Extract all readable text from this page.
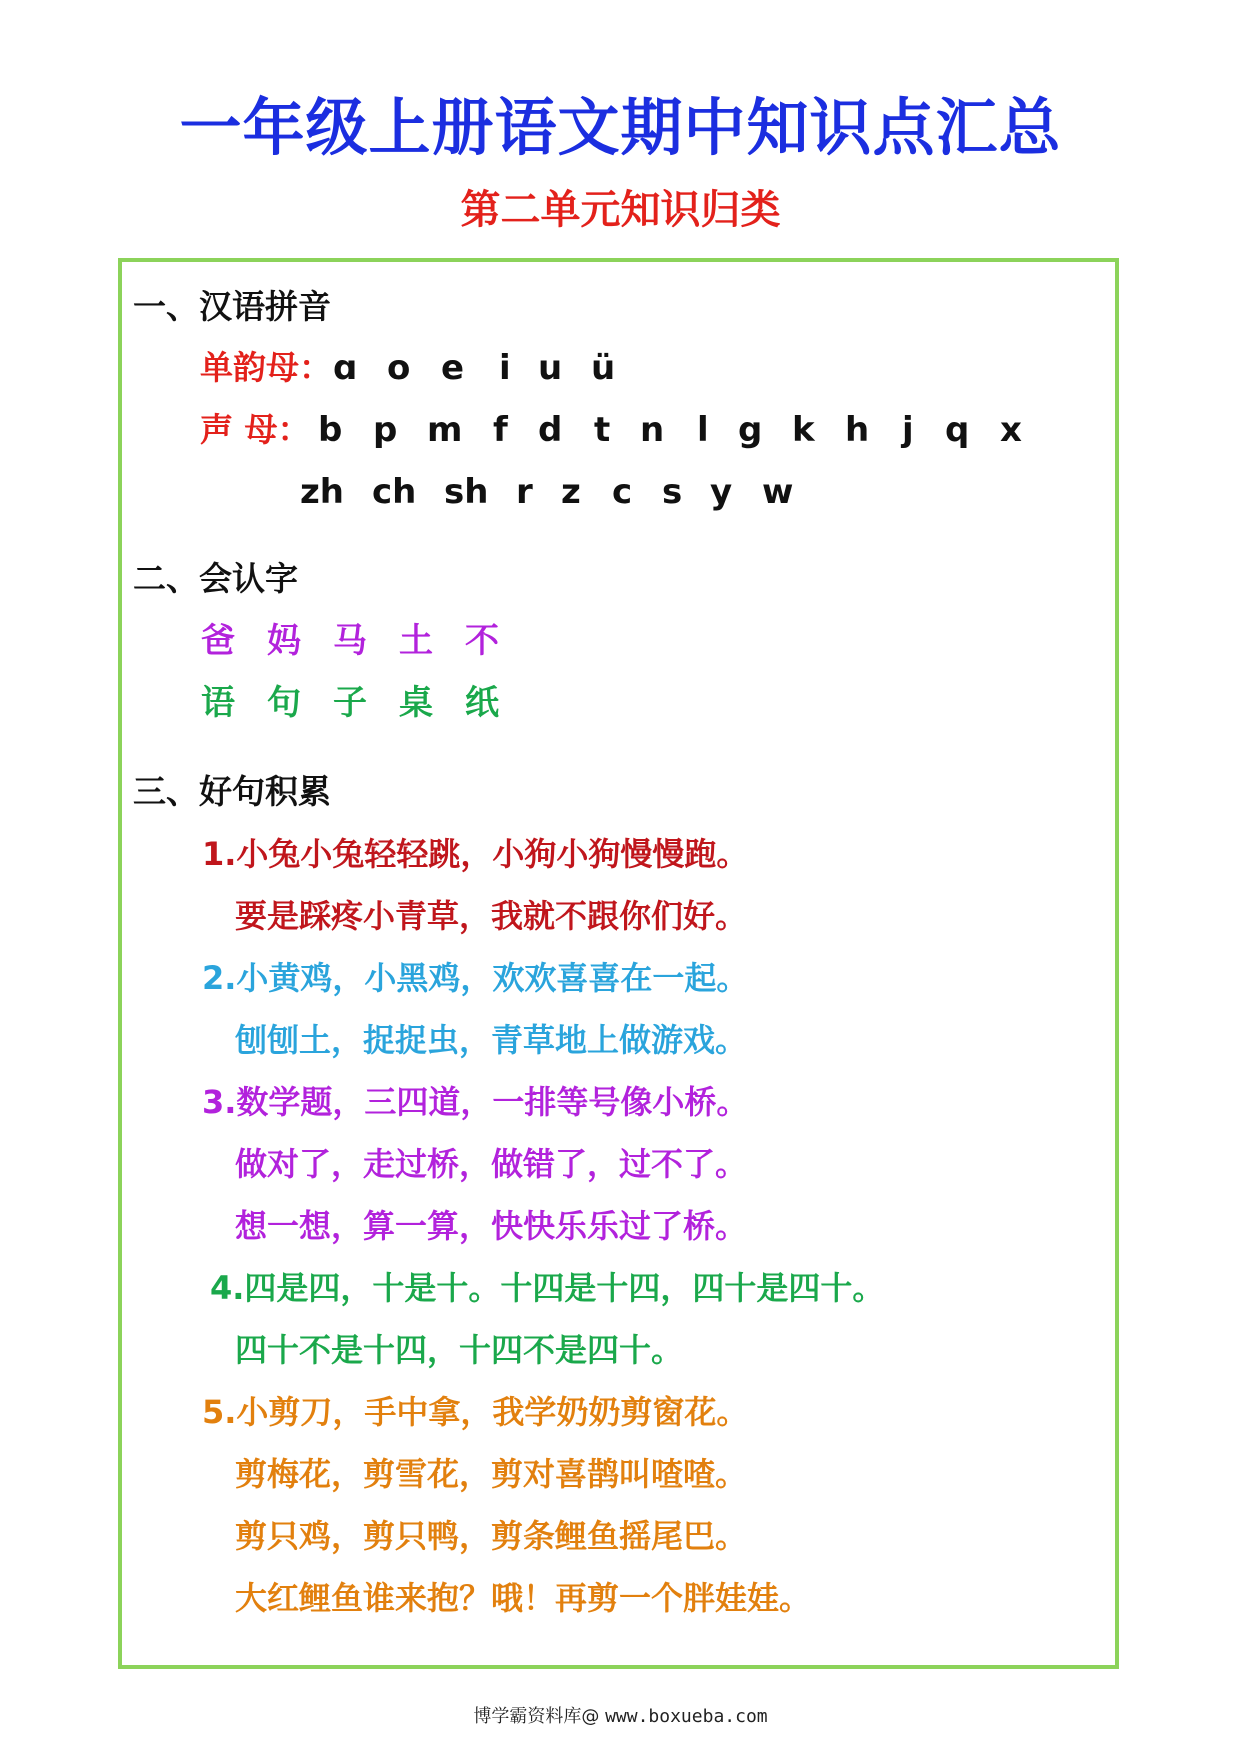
一年级上册语文期中知识点汇总
第二单元知识归类
一、汉语拼音
单韵母： ɑ o e i u ü
声 母： b p m f d t n l g k h j q x
zh ch sh r z c s y w
二、会认字
爸 妈 马 土 不
语 句 子 桌 纸
三、好句积累
1.小兔小兔轻轻跳，小狗小狗慢慢跑。
要是踩疼小青草，我就不跟你们好。
2.小黄鸡，小黑鸡，欢欢喜喜在一起。
刨刨土，捉捉虫，青草地上做游戏。
3.数学题，三四道，一排等号像小桥。
做对了，走过桥，做错了，过不了。
想一想，算一算，快快乐乐过了桥。
4.四是四，十是十。十四是十四，四十是四十。
四十不是十四，十四不是四十。
5.小剪刀，手中拿，我学奶奶剪窗花。
剪梅花，剪雪花，剪对喜鹊叫喳喳。
剪只鸡，剪只鸭，剪条鲤鱼摇尾巴。
大红鲤鱼谁来抱？哦！再剪一个胖娃娃。
博学霸资料库@ www.boxueba.com
